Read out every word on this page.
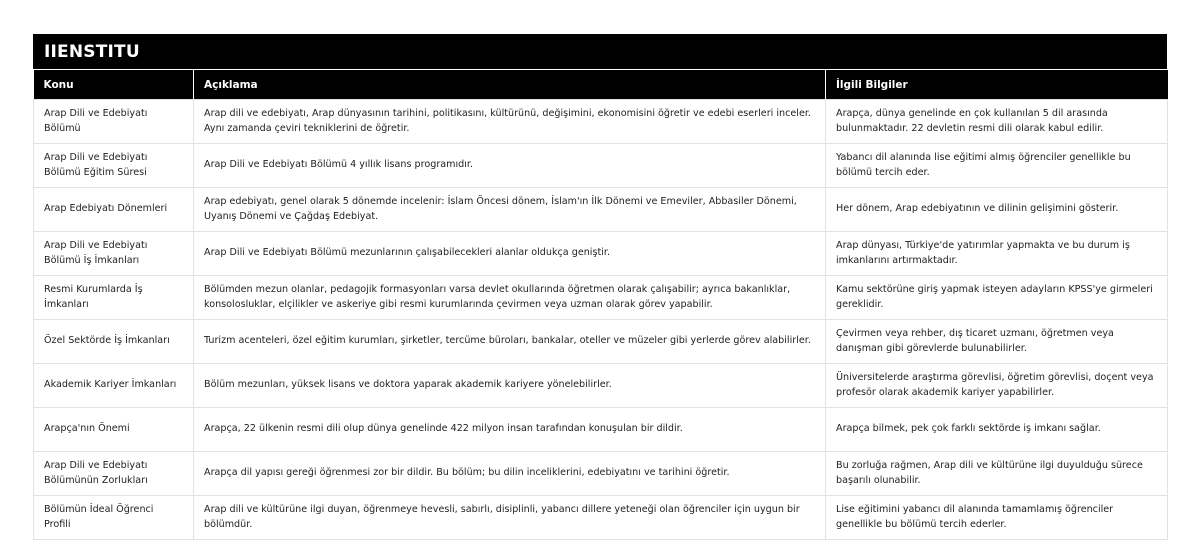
IIENSTITU
Konu	Açıklama	İlgili Bilgiler
Arap Dili ve Edebiyatı Bölümü	Arap dili ve edebiyatı, Arap dünyasının tarihini, politikasını, kültürünü, değişimini, ekonomisini öğretir ve edebi eserleri inceler. Aynı zamanda çeviri tekniklerini de öğretir.	Arapça, dünya genelinde en çok kullanılan 5 dil arasında bulunmaktadır. 22 devletin resmi dili olarak kabul edilir.
Arap Dili ve Edebiyatı Bölümü Eğitim Süresi	Arap Dili ve Edebiyatı Bölümü 4 yıllık lisans programıdır.	Yabancı dil alanında lise eğitimi almış öğrenciler genellikle bu bölümü tercih eder.
Arap Edebiyatı Dönemleri	Arap edebiyatı, genel olarak 5 dönemde incelenir: İslam Öncesi dönem, İslam'ın İlk Dönemi ve Emeviler, Abbasiler Dönemi, Uyanış Dönemi ve Çağdaş Edebiyat.	Her dönem, Arap edebiyatının ve dilinin gelişimini gösterir.
Arap Dili ve Edebiyatı Bölümü İş İmkanları	Arap Dili ve Edebiyatı Bölümü mezunlarının çalışabilecekleri alanlar oldukça geniştir.	Arap dünyası, Türkiye'de yatırımlar yapmakta ve bu durum iş imkanlarını artırmaktadır.
Resmi Kurumlarda İş İmkanları	Bölümden mezun olanlar, pedagojik formasyonları varsa devlet okullarında öğretmen olarak çalışabilir; ayrıca bakanlıklar, konsolosluklar, elçilikler ve askeriye gibi resmi kurumlarında çevirmen veya uzman olarak görev yapabilir.	Kamu sektörüne giriş yapmak isteyen adayların KPSS'ye girmeleri gereklidir.
Özel Sektörde İş İmkanları	Turizm acenteleri, özel eğitim kurumları, şirketler, tercüme büroları, bankalar, oteller ve müzeler gibi yerlerde görev alabilirler.	Çevirmen veya rehber, dış ticaret uzmanı, öğretmen veya danışman gibi görevlerde bulunabilirler.
Akademik Kariyer İmkanları	Bölüm mezunları, yüksek lisans ve doktora yaparak akademik kariyere yönelebilirler.	Üniversitelerde araştırma görevlisi, öğretim görevlisi, doçent veya profesör olarak akademik kariyer yapabilirler.
Arapça'nın Önemi	Arapça, 22 ülkenin resmi dili olup dünya genelinde 422 milyon insan tarafından konuşulan bir dildir.	Arapça bilmek, pek çok farklı sektörde iş imkanı sağlar.
Arap Dili ve Edebiyatı Bölümünün Zorlukları	Arapça dil yapısı gereği öğrenmesi zor bir dildir. Bu bölüm; bu dilin inceliklerini, edebiyatını ve tarihini öğretir.	Bu zorluğa rağmen, Arap dili ve kültürüne ilgi duyulduğu sürece başarılı olunabilir.
Bölümün İdeal Öğrenci Profili	Arap dili ve kültürüne ilgi duyan, öğrenmeye hevesli, sabırlı, disiplinli, yabancı dillere yeteneği olan öğrenciler için uygun bir bölümdür.	Lise eğitimini yabancı dil alanında tamamlamış öğrenciler genellikle bu bölümü tercih ederler.
